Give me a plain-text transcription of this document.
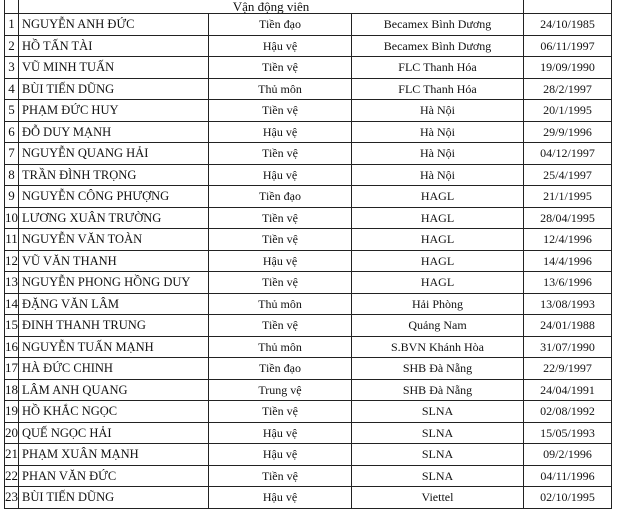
	Vận động viên			
1	NGUYỄN ANH ĐỨC	Tiền đạo	Becamex Bình Dương	24/10/1985
2	HỒ TẤN TÀI	Hậu vệ	Becamex Bình Dương	06/11/1997
3	VŨ MINH TUẤN	Tiền vệ	FLC Thanh Hóa	19/09/1990
4	BÙI TIẾN DŨNG	Thủ môn	FLC Thanh Hóa	28/2/1997
5	PHẠM ĐỨC HUY	Tiền vệ	Hà Nội	20/1/1995
6	ĐỖ DUY MẠNH	Hậu vệ	Hà Nội	29/9/1996
7	NGUYỄN QUANG HẢI	Tiền vệ	Hà Nội	04/12/1997
8	TRẦN ĐÌNH TRỌNG	Hậu vệ	Hà Nội	25/4/1997
9	NGUYỄN CÔNG PHƯỢNG	Tiền đạo	HAGL	21/1/1995
10	LƯƠNG XUÂN TRƯỜNG	Tiền vệ	HAGL	28/04/1995
11	NGUYỄN VĂN TOÀN	Tiền vệ	HAGL	12/4/1996
12	VŨ VĂN THANH	Hậu vệ	HAGL	14/4/1996
13	NGUYỄN PHONG HỒNG DUY	Tiền vệ	HAGL	13/6/1996
14	ĐẶNG VĂN LÂM	Thủ môn	Hải Phòng	13/08/1993
15	ĐINH THANH TRUNG	Tiền vệ	Quảng Nam	24/01/1988
16	NGUYỄN TUẤN MẠNH	Thủ môn	S.BVN Khánh Hòa	31/07/1990
17	HÀ ĐỨC CHINH	Tiền đạo	SHB Đà Nẵng	22/9/1997
18	LÂM ANH QUANG	Trung vệ	SHB Đà Nẵng	24/04/1991
19	HỒ KHẮC NGỌC	Tiền vệ	SLNA	02/08/1992
20	QUẾ NGỌC HẢI	Hậu vệ	SLNA	15/05/1993
21	PHẠM XUÂN MẠNH	Hậu vệ	SLNA	09/2/1996
22	PHAN VĂN ĐỨC	Tiền vệ	SLNA	04/11/1996
23	BÙI TIẾN DŨNG	Hậu vệ	Viettel	02/10/1995
